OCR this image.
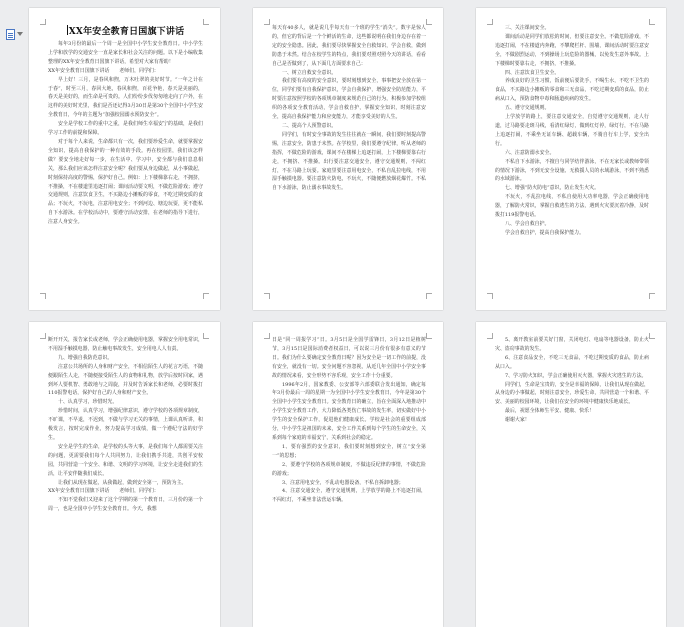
XX年安全教育日国旗下讲话

每年3月份的最后一个周一是全国中小学生安全教育日。中小学生上学和放学的交通安全一直是家长和社会关注的问题。以下是小编收集整理的XX年安全教育日国旗下讲话，希望对大家有帮助！

XX年安全教育日国旗下讲话　　老师们，同学们：

早上好！三月，是春风和煦，万木吐翠的美好时节。“一年之计在于春”，时至三月，春回大地，春风和煦，百花争艳，春天是美丽的，春天是美好的，而生命是可贵的。人们纷纷步伐匆匆地走向了户外，在这样的美好时光里，我们是否还记得3月30日是第30个全国中小学生安全教育日，今年的主题为“加强校园溺水预防安全”。

安全是学校工作的重中之重，是我们师生幸福安宁的基础，是我们学习工作的前提和保障。

对于每个人来说，生命都只有一次，我们要珍爱生命，就要掌握安全知识，提高自我保护的一种有效的手段。再在校园里，我们该怎样做？要安全地走好每一步，在生活中、学习中，安全都与我们息息相关，那么我们应该怎样注意安全呢？我们要从身边做起，从小事做起，时刻保持高度的警惕，保护好自己。例如：上下楼梯靠右走，不拥挤，不推搡，不在楼道里追逐打闹；课间活动要文明，不做危险游戏；遵守交通规则，注意饮食卫生，不买路边小摊贩的零食，不吃过期变质的食品；不玩火，不玩电，注意用电安全；不到河边、塘边玩耍，更不能私自下水游泳。在学校活动中，要遵守活动安排，在老师的指导下进行，注意人身安全。

每天有40多人，就是说几乎每天有一个班的学生“消失”。数字是惊人的，但它的背后是一个个鲜活的生命，这些都说明在我们身边存在着一定的安全隐患。因此，我们要尽快掌握安全自救知识，学会自救，做到防患于未然。结合在校学生的特点，我们要对照对照今天的讲话，看看自己是否做到了，从下面几方面要求自己：

一、树立自救安全意识。

我们要有高度的安全意识，要时刻想到安全，事事把安全放在第一位，同学们要有自我保护意识，学会自我保护，增强安全防范能力，平时要注意按照学校的各项规章制度来规范自己的行为，积极参加学校组织的各项安全教育活动，学会自救自护，掌握安全知识，时刻注意安全，提高自我保护能力和应变能力，才能享受美好的人生。

二、提高个人预警意识。

同学们，有时安全事故的发生往往就在一瞬间，我们要时刻提高警惕，注意安全，防患于未然。在学校里，我们要遵守纪律，听从老师的指挥，不做危险的游戏，课间不在楼梯上追逐打闹，上下楼梯要靠右行走，不拥挤、不推搡。出行要注意交通安全，遵守交通规则，不闯红灯，不在马路上玩耍。家庭里要注意用电安全，不私自乱拉电线，不用湿手触摸电器。要注意防火防电，不玩火，不随便燃放烟花爆竹。不私自下水游泳，防止溺水事故发生。

三、关注课间安全。

课间活动是同学们放松的时间，但要注意安全。不做危险游戏，不追逐打闹，不在楼道内奔跑，不攀爬栏杆、围墙，课间活动时要注意安全，不做剧烈运动，不到操场上玩危险的器械，以免发生意外事故。上下楼梯时要靠右走，不拥挤，不推搡。

四、注意饮食卫生安全。

养成良好的卫生习惯，饭前便后要洗手，不喝生水，不吃不卫生的食品，不买路边小摊贩的零食和三无食品，不吃过期变质的食品，防止病从口入，预防食物中毒和肠道疾病的发生。

五、遵守交通规则。

上学放学的路上，要注意交通安全，自觉遵守交通规则，走人行道，过马路要走斑马线，看清红绿灯，做到红灯停，绿灯行，不在马路上追逐打闹，不乘坐无证车辆、超载车辆，不骑自行车上学，安全出行。

六、注意防溺水安全。

不私自下水游泳，不擅自与同学结伴游泳，不在无家长或教师带领的情况下游泳，不到无安全设施、无救援人员的水域游泳，不到不熟悉的水域游泳。

七、增强“防火防电”意识，防止发生火灾。

不玩火，不乱拉电线，不私自使用大功率电器，学会正确使用电器，了解防火常识，掌握自救逃生的方法，遇到火灾要沉着冷静，及时拨打119报警电话。

八、学会自救自护。

学会自救自护，提高自我保护能力。

断开开关，报告家长或老师，学会正确使用电器，掌握安全用电常识，不用湿手触摸电器，防止触电事故发生，安全用电人人有责。

九、增强自我防范意识。

注意公共场所的人身和财产安全，不相信陌生人的花言巧语，不随便跟陌生人走，不随便接受陌生人的食物和礼物，放学后按时回家，遇到坏人要机智、勇敢地与之周旋，并及时告诉家长和老师，必要时拨打110报警电话，保护好自己的人身和财产安全。

十、认真学习，珍惜时光。

珍惜时间，认真学习，增强纪律意识，遵守学校的各项规章制度，不旷课，不早退，不迟到，不做与学习无关的事情，上课认真听讲，积极发言，按时完成作业，努力提高学习成绩，做一个遵纪守法的好学生。

安全是学生的生命，是学校的头等大事，是我们每个人都需要关注的问题，更需要我们每个人共同努力，让我们携手共进，共创平安校园，共同营造一个安全、和谐、文明的学习环境，让安全走进我们的生活，让平安伴随我们成长。

让我们从现在做起，从我做起，做到安全第一，预防为主。

XX年安全教育日国旗下讲话　　老师们，同学们：

不知不觉我们又迎来了这个学期的第一个教育日，三月份的第一个周一，也是全国中小学生安全教育日。今天，我想

日是“同一周报学习”日。3月5日是全国学雷锋日，3月12日是植树节，3月15日是国际消费者权益日，可以说三月份有很多有意义的节日。我们为什么要确定安全教育日呢？因为安全是一切工作的前提，没有安全，就没有一切。安全问题不容忽视，从近几年全国中小学安全事故的情况来看，安全形势不容乐观，安全工作十分重要。

1996年2月，国家教委、公安部等六部委联合发出通知，确定每年3月份最后一周的星期一为全国中小学生安全教育日，今年是第30个全国中小学生安全教育日。安全教育日的确立，旨在全面深入地推动中小学生安全教育工作，大力降低各类伤亡事故的发生率，切实做好中小学生的安全保护工作，促进他们健康成长。学校是社会的重要组成部分，中小学生是祖国的未来，安全工作关系到每个学生的生命安全，关系到每个家庭的幸福安宁，关系到社会的稳定。

1、要有强烈的安全意识，我们要时刻想到安全，树立“安全第一”的思想；

2、要遵守学校的各项规章制度，不做违反纪律的事情，不做危险的游戏；

3、注意用电安全，不乱动电器设备，不私自拆卸电器；

4、注意交通安全，遵守交通规则，上学放学的路上不追逐打闹，不闯红灯，不乘坐非法营运车辆。

5、离开教室前要关好门窗，关闭电灯、电扇等电器设备，防止火灾、盗窃事故的发生。

6、注意食品安全，不吃三无食品，不吃过期变质的食品，防止病从口入。

7、学习防火知识，学会正确使用灭火器，掌握火灾逃生的方法。

同学们，生命是宝贵的，安全是幸福的保障，让我们从现在做起，从身边的小事做起，时刻注意安全，珍爱生命，共同营造一个和谐、平安、美丽的校园环境，让我们在安全的环境中健康快乐地成长。

最后，祝愿全体师生平安、健康、快乐！

谢谢大家！
